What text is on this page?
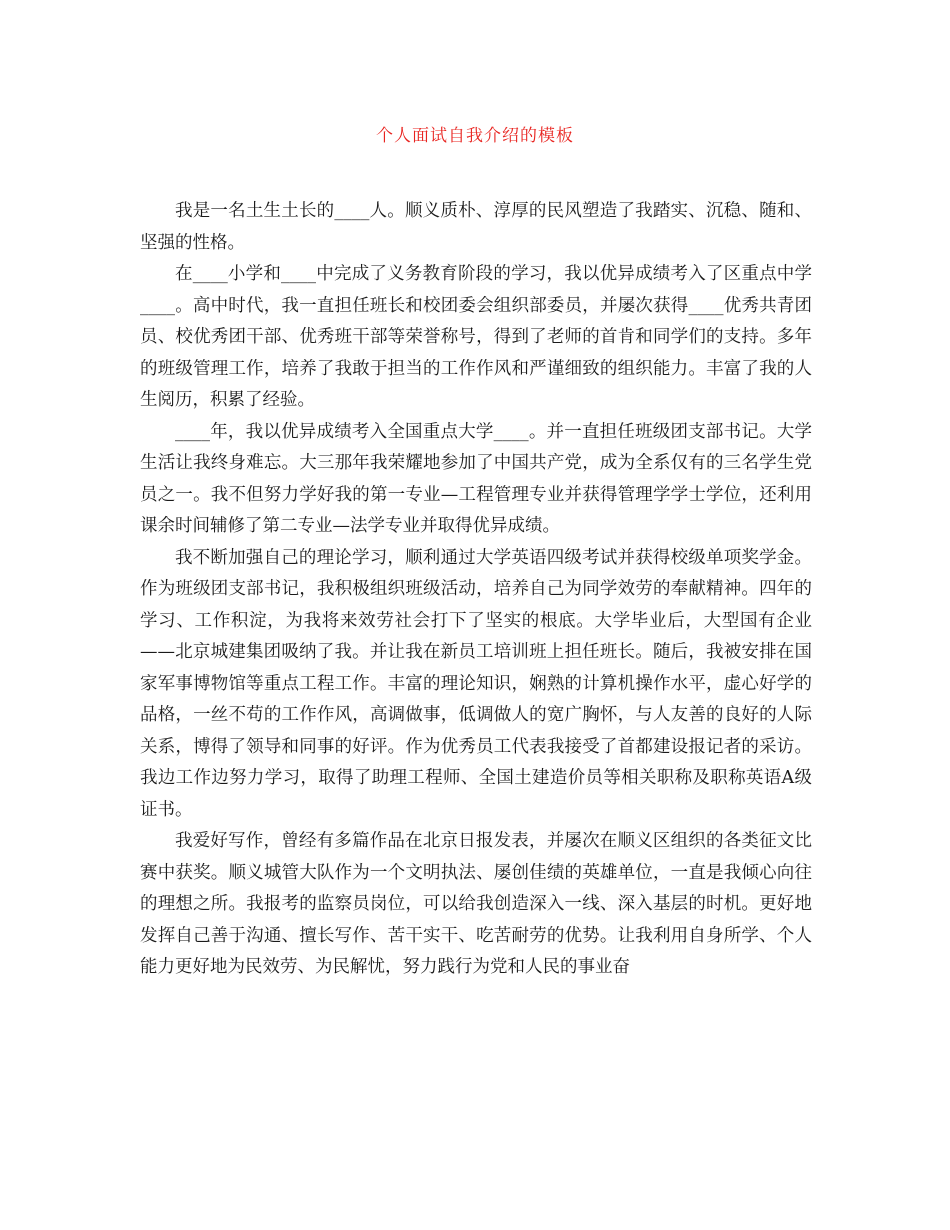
个人面试自我介绍的模板

我是一名土生土长的____人。顺义质朴、淳厚的民风塑造了我踏实、沉稳、随和、坚强的性格。

在____小学和____中完成了义务教育阶段的学习，我以优异成绩考入了区重点中学____。高中时代，我一直担任班长和校团委会组织部委员，并屡次获得____优秀共青团员、校优秀团干部、优秀班干部等荣誉称号，得到了老师的首肯和同学们的支持。多年的班级管理工作，培养了我敢于担当的工作作风和严谨细致的组织能力。丰富了我的人生阅历，积累了经验。

____年，我以优异成绩考入全国重点大学____。并一直担任班级团支部书记。大学生活让我终身难忘。大三那年我荣耀地参加了中国共产党，成为全系仅有的三名学生党员之一。我不但努力学好我的第一专业—工程管理专业并获得管理学学士学位，还利用课余时间辅修了第二专业—法学专业并取得优异成绩。

我不断加强自己的理论学习，顺利通过大学英语四级考试并获得校级单项奖学金。作为班级团支部书记，我积极组织班级活动，培养自己为同学效劳的奉献精神。四年的学习、工作积淀，为我将来效劳社会打下了坚实的根底。大学毕业后，大型国有企业——北京城建集团吸纳了我。并让我在新员工培训班上担任班长。随后，我被安排在国家军事博物馆等重点工程工作。丰富的理论知识，娴熟的计算机操作水平，虚心好学的品格，一丝不苟的工作作风，高调做事，低调做人的宽广胸怀，与人友善的良好的人际关系，博得了领导和同事的好评。作为优秀员工代表我接受了首都建设报记者的采访。我边工作边努力学习，取得了助理工程师、全国土建造价员等相关职称及职称英语A级证书。

我爱好写作，曾经有多篇作品在北京日报发表，并屡次在顺义区组织的各类征文比赛中获奖。顺义城管大队作为一个文明执法、屡创佳绩的英雄单位，一直是我倾心向往的理想之所。我报考的监察员岗位，可以给我创造深入一线、深入基层的时机。更好地发挥自己善于沟通、擅长写作、苦干实干、吃苦耐劳的优势。让我利用自身所学、个人能力更好地为民效劳、为民解忧，努力践行为党和人民的事业奋
